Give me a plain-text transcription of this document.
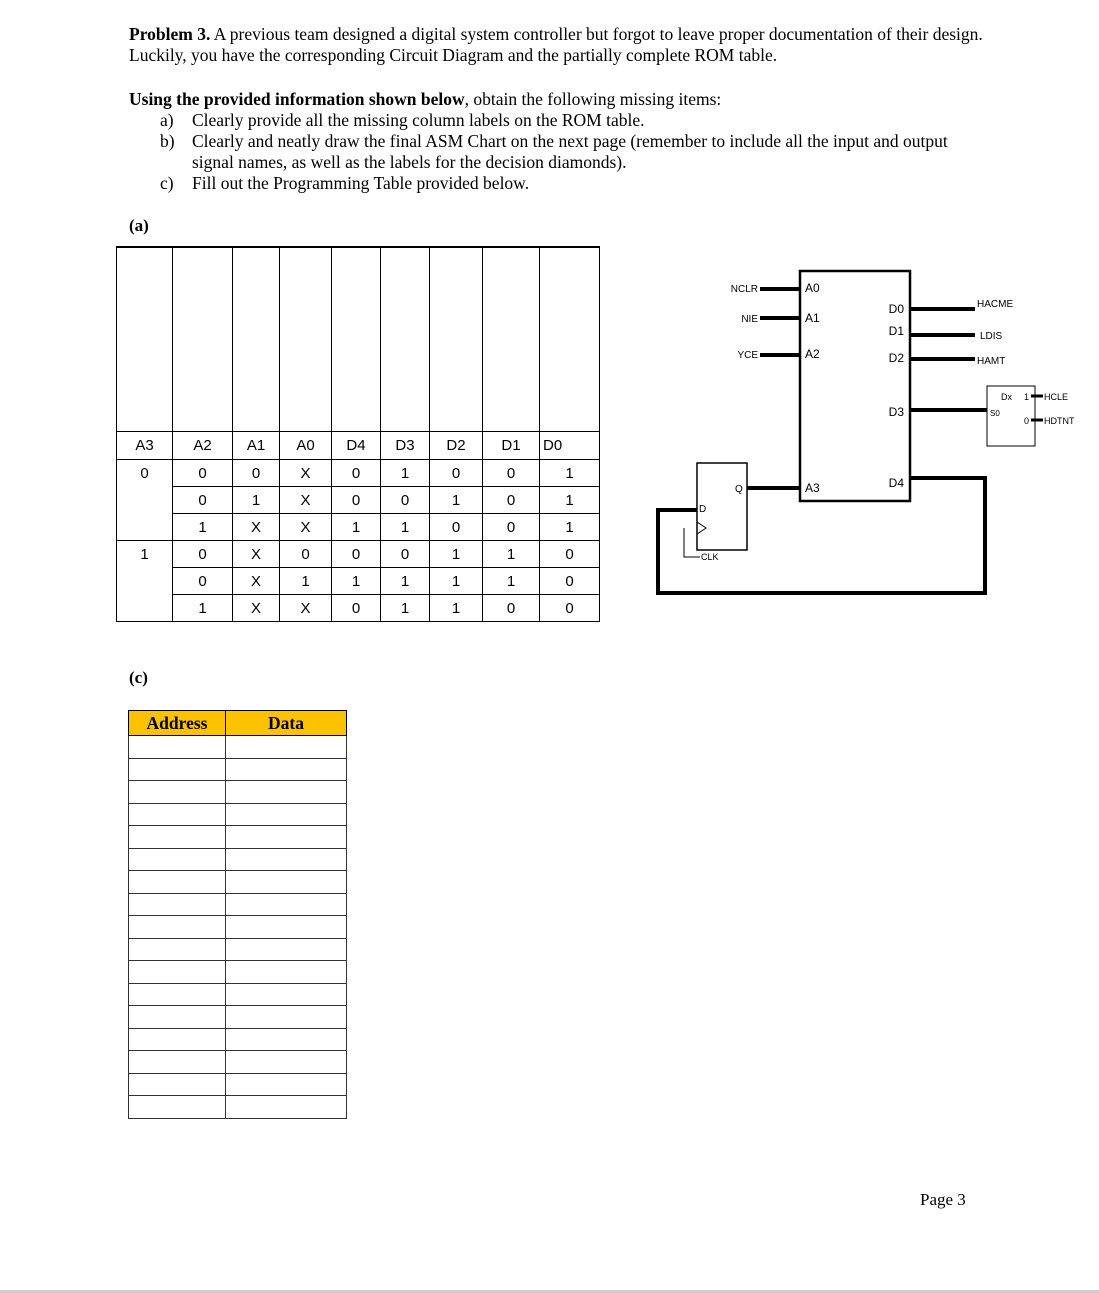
Problem 3. A previous team designed a digital system controller but forgot to leave proper documentation of their design. Luckily, you have the corresponding Circuit Diagram and the partially complete ROM table.
Using the provided information shown below, obtain the following missing items:
a) Clearly provide all the missing column labels on the ROM table.
b) Clearly and neatly draw the final ASM Chart on the next page (remember to include all the input and output signal names, as well as the labels for the decision diamonds).
c) Fill out the Programming Table provided below.
(a)

A3	A2	A1	A0	D4	D3	D2	D1	D0
0	0	0	X	0	1	0	0	1
	0	1	X	0	0	1	0	1
	1	X	X	1	1	0	0	1
1	0	X	0	0	0	1	1	0
	0	X	1	1	1	1	1	0
	1	X	X	0	1	1	0	0
NCLR
NIE
YCE
A0
A1
A2
A3
D0
D1
D2
D3
D4
HACME
LDIS
HAMT
Dx
S0
1
0
HCLE
HDTNT
D
Q
CLK
(c)
Address	Data

Page 3
